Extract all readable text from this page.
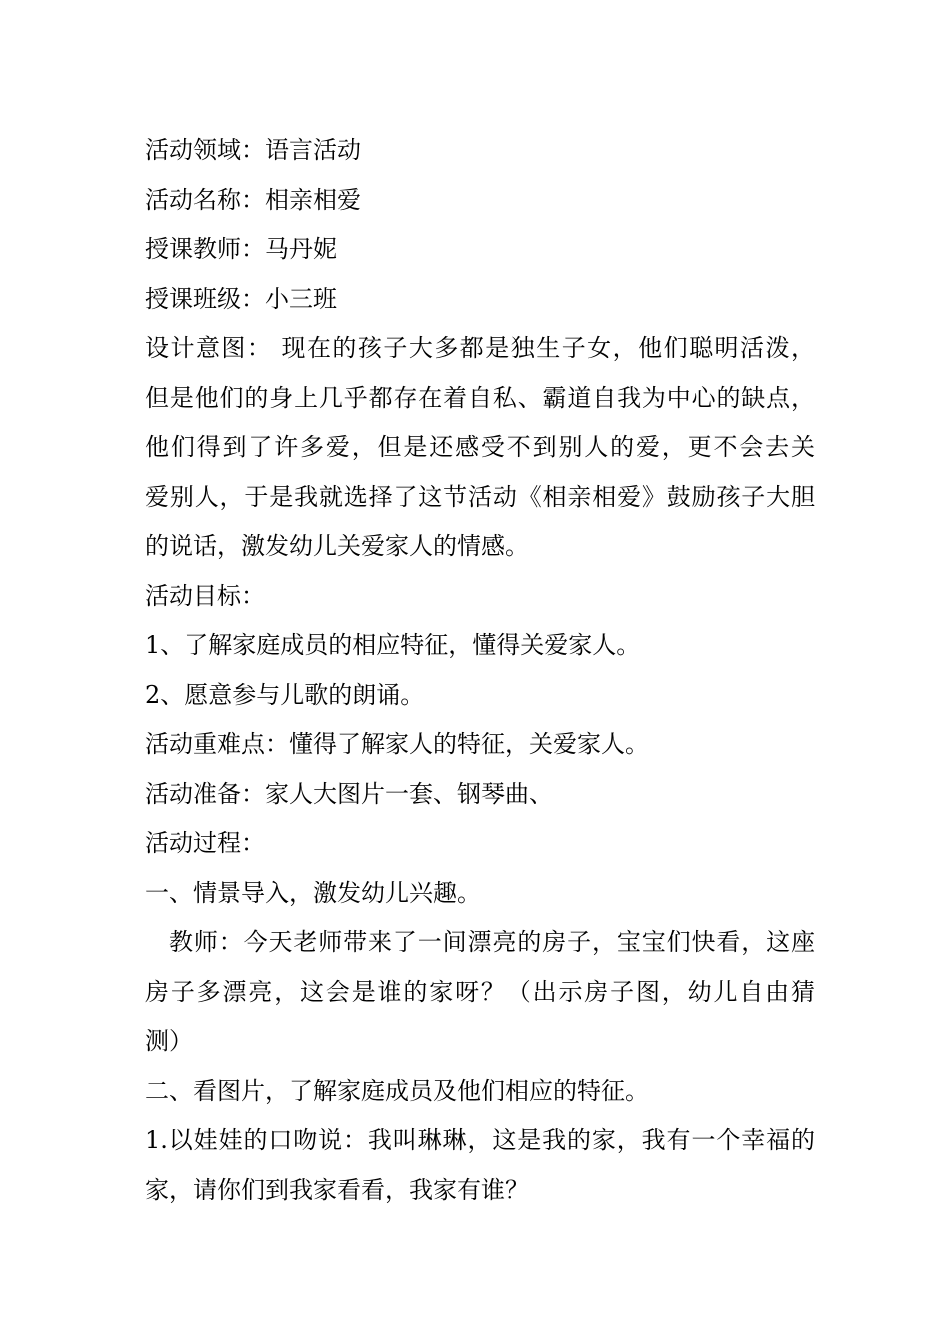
活动领域：语言活动
活动名称：相亲相爱
授课教师：马丹妮
授课班级：小三班
设计意图： 现在的孩子大多都是独生子女，他们聪明活泼，
但是他们的身上几乎都存在着自私、霸道自我为中心的缺点，
他们得到了许多爱，但是还感受不到别人的爱，更不会去关
爱别人，于是我就选择了这节活动《相亲相爱》鼓励孩子大胆
的说话，激发幼儿关爱家人的情感。
活动目标：
1、了解家庭成员的相应特征，懂得关爱家人。
2、愿意参与儿歌的朗诵。
活动重难点：懂得了解家人的特征，关爱家人。
活动准备：家人大图片一套、钢琴曲、
活动过程：
一、情景导入，激发幼儿兴趣。
教师：今天老师带来了一间漂亮的房子，宝宝们快看，这座
房子多漂亮，这会是谁的家呀？（出示房子图，幼儿自由猜
测）
二、看图片，了解家庭成员及他们相应的特征。
1.以娃娃的口吻说：我叫琳琳，这是我的家，我有一个幸福的
家，请你们到我家看看，我家有谁？
